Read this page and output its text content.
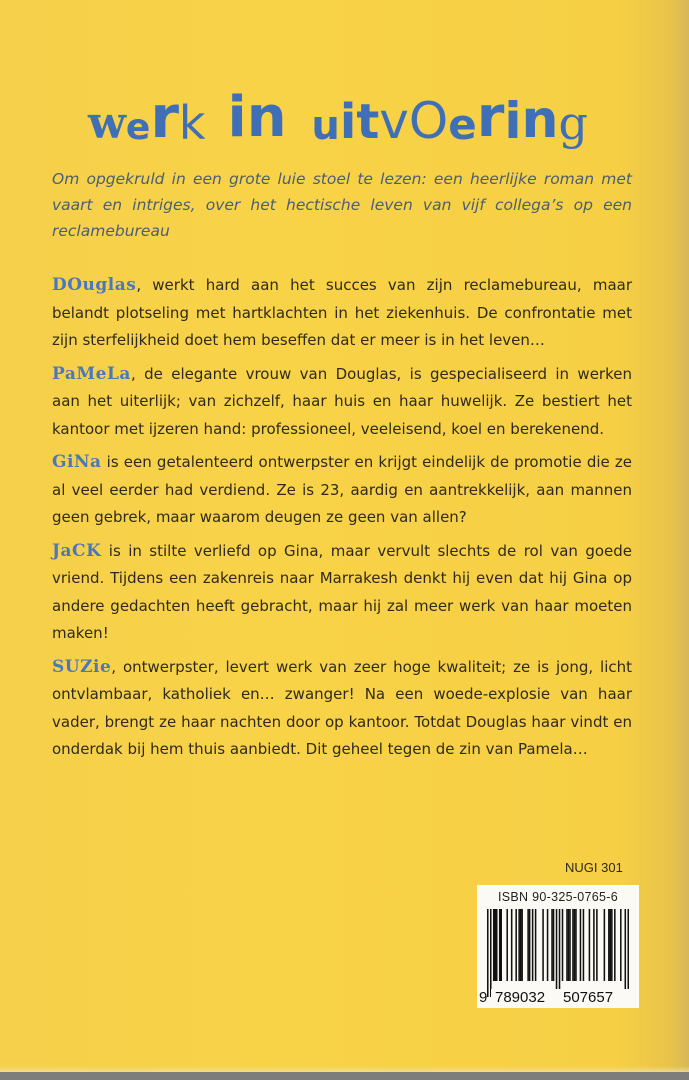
w e r k i n u i t v O e r i n g
Om opgekruld in een grote luie stoel te lezen: een heerlijke roman met vaart en intriges, over het hectische leven van vijf collega’s op een reclamebureau

DOuglas, werkt hard aan het succes van zijn reclamebureau, maar belandt plotseling met hartklachten in het ziekenhuis. De confrontatie met zijn sterfelijkheid doet hem beseffen dat er meer is in het leven…

PaMeLa, de elegante vrouw van Douglas, is gespecialiseerd in werken aan het uiterlijk; van zichzelf, haar huis en haar huwelijk. Ze bestiert het kantoor met ijzeren hand: professioneel, veeleisend, koel en berekenend.

GiNa is een getalenteerd ontwerpster en krijgt eindelijk de promotie die ze al veel eerder had verdiend. Ze is 23, aardig en aantrekkelijk, aan mannen geen gebrek, maar waarom deugen ze geen van allen?

JaCK is in stilte verliefd op Gina, maar vervult slechts de rol van goede vriend. Tijdens een zakenreis naar Marrakesh denkt hij even dat hij Gina op andere gedachten heeft gebracht, maar hij zal meer werk van haar moeten maken!

SUZie, ontwerpster, levert werk van zeer hoge kwaliteit; ze is jong, licht ontvlambaar, katholiek en… zwanger! Na een woede-explosie van haar vader, brengt ze haar nachten door op kantoor. Totdat Douglas haar vindt en onderdak bij hem thuis aanbiedt. Dit geheel tegen de zin van Pamela…

NUGI 301
ISBN 90-325-0765-6
9 789032	507657
